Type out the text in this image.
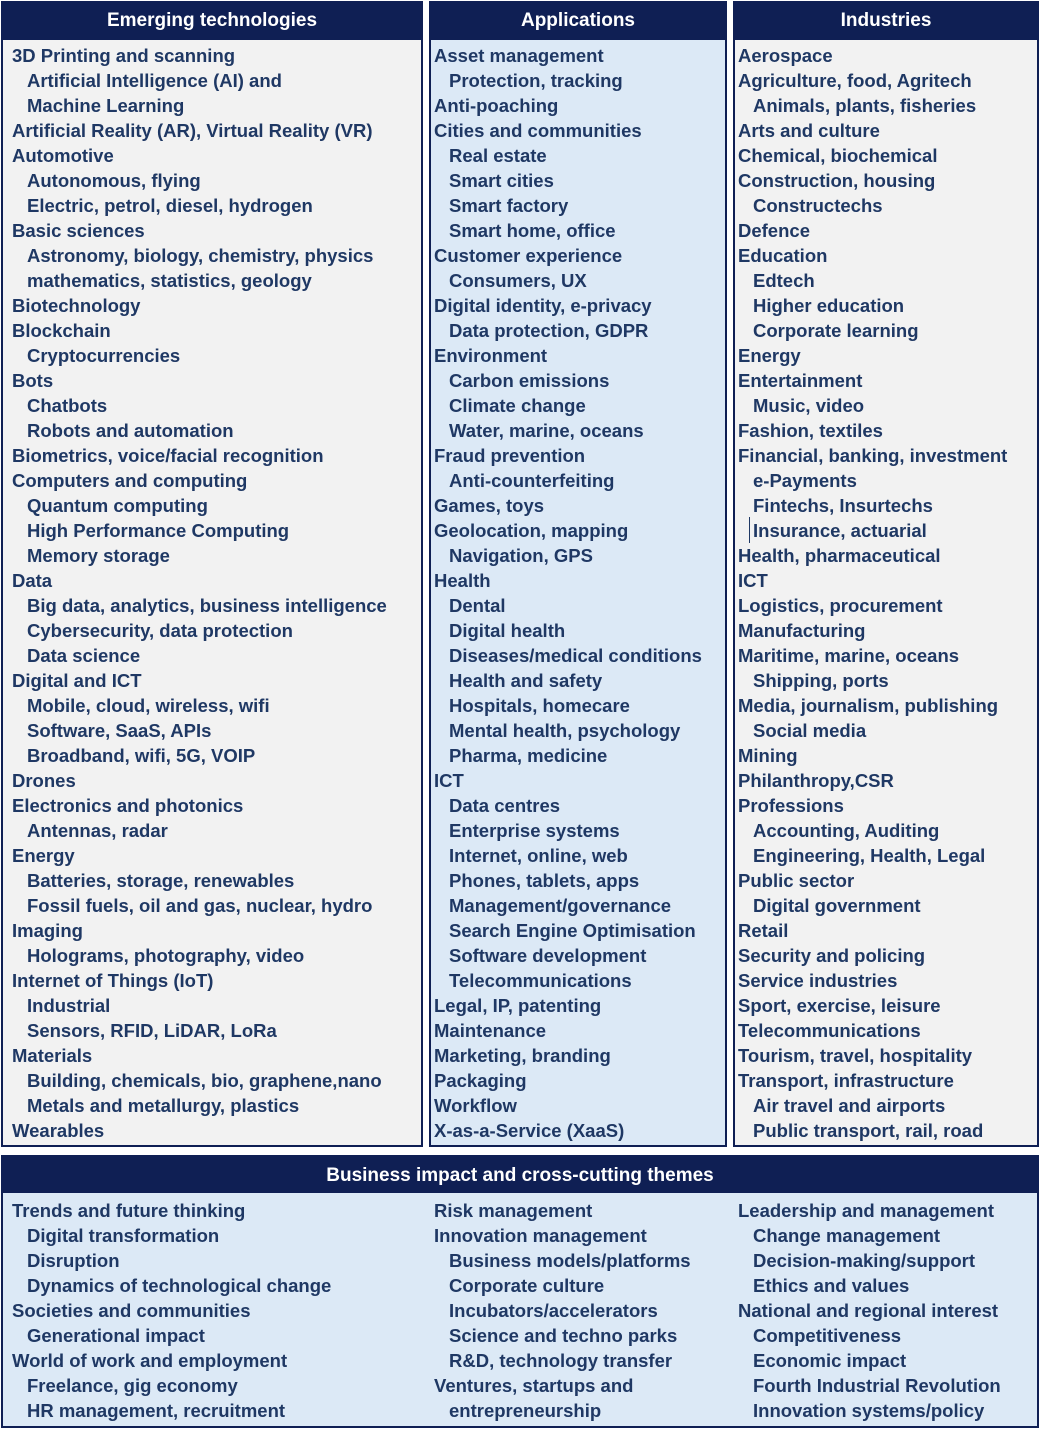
Emerging technologies
3D Printing and scanning
Artificial Intelligence (AI) and
Machine Learning
Artificial Reality (AR), Virtual Reality (VR)
Automotive
Autonomous, flying
Electric, petrol, diesel, hydrogen
Basic sciences
Astronomy, biology, chemistry, physics
mathematics, statistics, geology
Biotechnology
Blockchain
Cryptocurrencies
Bots
Chatbots
Robots and automation
Biometrics, voice/facial recognition
Computers and computing
Quantum computing
High Performance Computing
Memory storage
Data
Big data, analytics, business intelligence
Cybersecurity, data protection
Data science
Digital and ICT
Mobile, cloud, wireless, wifi
Software, SaaS, APIs
Broadband, wifi, 5G, VOIP
Drones
Electronics and photonics
Antennas, radar
Energy
Batteries, storage, renewables
Fossil fuels, oil and gas, nuclear, hydro
Imaging
Holograms, photography, video
Internet of Things (IoT)
Industrial
Sensors, RFID, LiDAR, LoRa
Materials
Building, chemicals, bio, graphene,nano
Metals and metallurgy, plastics
Wearables
Applications
Asset management
Protection, tracking
Anti-poaching
Cities and communities
Real estate
Smart cities
Smart factory
Smart home, office
Customer experience
Consumers, UX
Digital identity, e-privacy
Data protection, GDPR
Environment
Carbon emissions
Climate change
Water, marine, oceans
Fraud prevention
Anti-counterfeiting
Games, toys
Geolocation, mapping
Navigation, GPS
Health
Dental
Digital health
Diseases/medical conditions
Health and safety
Hospitals, homecare
Mental health, psychology
Pharma, medicine
ICT
Data centres
Enterprise systems
Internet, online, web
Phones, tablets, apps
Management/governance
Search Engine Optimisation
Software development
Telecommunications
Legal, IP, patenting
Maintenance
Marketing, branding
Packaging
Workflow
X-as-a-Service (XaaS)
Industries
Aerospace
Agriculture, food, Agritech
Animals, plants, fisheries
Arts and culture
Chemical, biochemical
Construction, housing
Constructechs
Defence
Education
Edtech
Higher education
Corporate learning
Energy
Entertainment
Music, video
Fashion, textiles
Financial, banking, investment
e-Payments
Fintechs, Insurtechs
Insurance, actuarial
Health, pharmaceutical
ICT
Logistics, procurement
Manufacturing
Maritime, marine, oceans
Shipping, ports
Media, journalism, publishing
Social media
Mining
Philanthropy,CSR
Professions
Accounting, Auditing
Engineering, Health, Legal
Public sector
Digital government
Retail
Security and policing
Service industries
Sport, exercise, leisure
Telecommunications
Tourism, travel, hospitality
Transport, infrastructure
Air travel and airports
Public transport, rail, road
Business impact and cross-cutting themes
Trends and future thinking
Digital transformation
Disruption
Dynamics of technological change
Societies and communities
Generational impact
World of work and employment
Freelance, gig economy
HR management, recruitment
Risk management
Innovation management
Business models/platforms
Corporate culture
Incubators/accelerators
Science and techno parks
R&D, technology transfer
Ventures, startups and
entrepreneurship
Leadership and management
Change management
Decision-making/support
Ethics and values
National and regional interest
Competitiveness
Economic impact
Fourth Industrial Revolution
Innovation systems/policy
